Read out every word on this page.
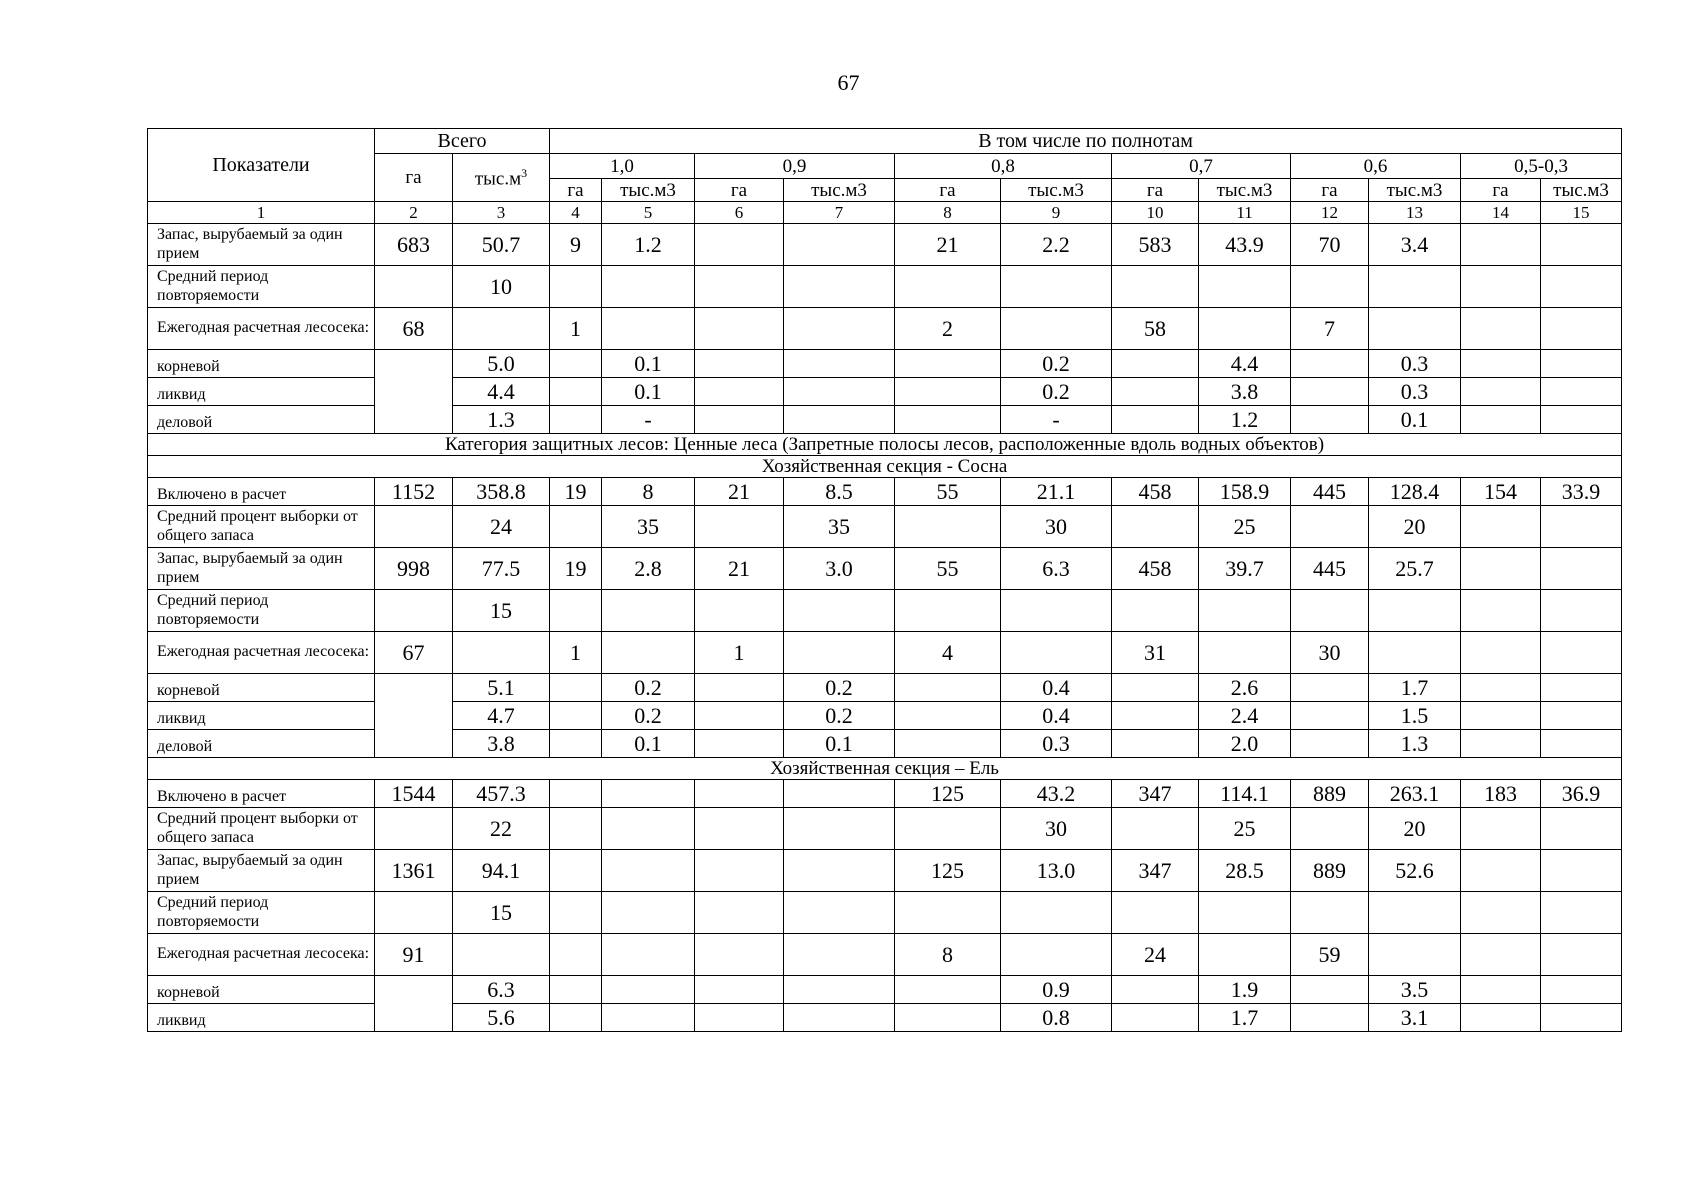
67
Показатели	Всего		В том числе по полнотам											
	га	$тыс.м^3$	1,0		0,9		0,8		0,7		0,6		0,5-0,3	
			га	тыс.м3	га	тыс.м3	га	тыс.м3	га	тыс.м3	га	тыс.м3	га	тыс.м3
1	2	3	4	5	6	7	8	9	10	11	12	13	14	15
Запас, вырубаемый за один прием	683	50.7	9	1.2			21	2.2	583	43.9	70	3.4		
Средний период повторяемости		10												
Ежегодная расчетная лесосека:	68		1				2		58		7			
корневой		5.0		0.1				0.2		4.4		0.3		
ликвид		4.4		0.1				0.2		3.8		0.3		
деловой		1.3		-				-		1.2		0.1		
Категория защитных лесов: Ценные леса (Запретные полосы лесов, расположенные вдоль водных объектов)														
Хозяйственная секция - Сосна														
Включено в расчет	1152	358.8	19	8	21	8.5	55	21.1	458	158.9	445	128.4	154	33.9
Средний процент выборки от общего запаса		24		35		35		30		25		20		
Запас, вырубаемый за один прием	998	77.5	19	2.8	21	3.0	55	6.3	458	39.7	445	25.7		
Средний период повторяемости		15												
Ежегодная расчетная лесосека:	67		1		1		4		31		30			
корневой		5.1		0.2		0.2		0.4		2.6		1.7		
ликвид		4.7		0.2		0.2		0.4		2.4		1.5		
деловой		3.8		0.1		0.1		0.3		2.0		1.3		
Хозяйственная секция – Ель														
Включено в расчет	1544	457.3					125	43.2	347	114.1	889	263.1	183	36.9
Средний процент выборки от общего запаса		22						30		25		20		
Запас, вырубаемый за один прием	1361	94.1					125	13.0	347	28.5	889	52.6		
Средний период повторяемости		15												
Ежегодная расчетная лесосека:	91						8		24		59			
корневой		6.3						0.9		1.9		3.5		
ликвид		5.6						0.8		1.7		3.1		
